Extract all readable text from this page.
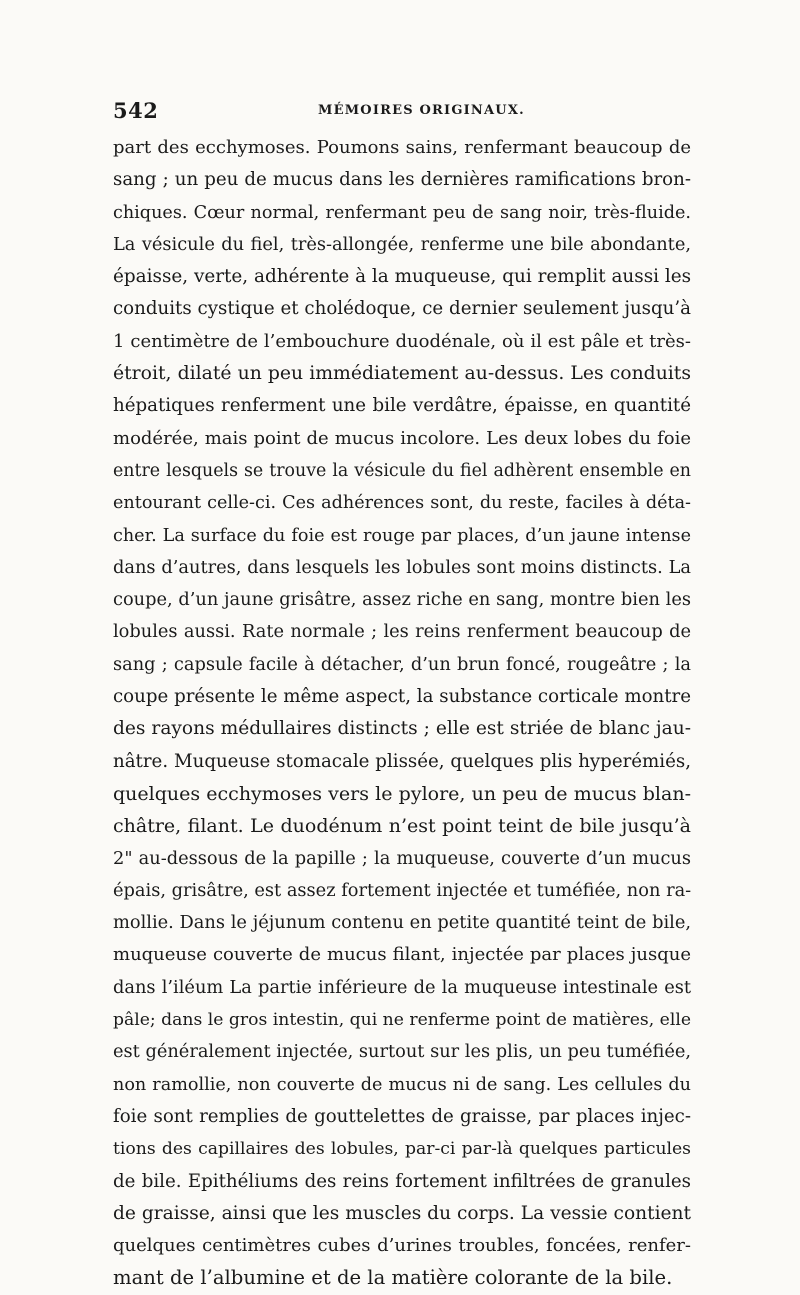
542	MÉMOIRES ORIGINAUX.
part des ecchymoses. Poumons sains, renfermant beaucoup de
sang ; un peu de mucus dans les dernières ramifications bron-
chiques. Cœur normal, renfermant peu de sang noir, très-fluide.
La vésicule du fiel, très-allongée, renferme une bile abondante,
épaisse, verte, adhérente à la muqueuse, qui remplit aussi les
conduits cystique et cholédoque, ce dernier seulement jusqu’à
1 centimètre de l’embouchure duodénale, où il est pâle et très-
étroit, dilaté un peu immédiatement au-dessus. Les conduits
hépatiques renferment une bile verdâtre, épaisse, en quantité
modérée, mais point de mucus incolore. Les deux lobes du foie
entre lesquels se trouve la vésicule du fiel adhèrent ensemble en
entourant celle-ci. Ces adhérences sont, du reste, faciles à déta-
cher. La surface du foie est rouge par places, d’un jaune intense
dans d’autres, dans lesquels les lobules sont moins distincts. La
coupe, d’un jaune grisâtre, assez riche en sang, montre bien les
lobules aussi. Rate normale ; les reins renferment beaucoup de
sang ; capsule facile à détacher, d’un brun foncé, rougeâtre ; la
coupe présente le même aspect, la substance corticale montre
des rayons médullaires distincts ; elle est striée de blanc jau-
nâtre. Muqueuse stomacale plissée, quelques plis hyperémiés,
quelques ecchymoses vers le pylore, un peu de mucus blan-
châtre, filant. Le duodénum n’est point teint de bile jusqu’à
2" au-dessous de la papille ; la muqueuse, couverte d’un mucus
épais, grisâtre, est assez fortement injectée et tuméfiée, non ra-
mollie. Dans le jéjunum contenu en petite quantité teint de bile,
muqueuse couverte de mucus filant, injectée par places jusque
dans l’iléum La partie inférieure de la muqueuse intestinale est
pâle; dans le gros intestin, qui ne renferme point de matières, elle
est généralement injectée, surtout sur les plis, un peu tuméfiée,
non ramollie, non couverte de mucus ni de sang. Les cellules du
foie sont remplies de gouttelettes de graisse, par places injec-
tions des capillaires des lobules, par-ci par-là quelques particules
de bile. Epithéliums des reins fortement infiltrées de granules
de graisse, ainsi que les muscles du corps. La vessie contient
quelques centimètres cubes d’urines troubles, foncées, renfer-
mant de l’albumine et de la matière colorante de la bile.
